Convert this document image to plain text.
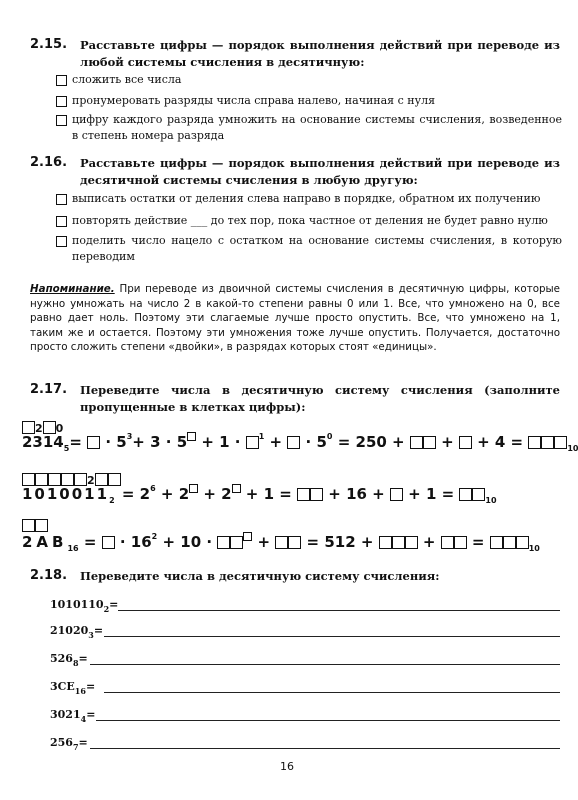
2.15. Расставьте цифры — порядок выполнения действий при переводе из любой системы счисления в десятичную:
сложить все числа
пронумеровать разряды числа справа налево, начиная с нуля
цифру каждого разряда умножить на основание системы счисления, возведенное в степень номера разряда
2.16. Расставьте цифры — порядок выполнения действий при переводе из десятичной системы счисления в любую другую:
выписать остатки от деления слева направо в порядке, обратном их получению
повторять действие ___ до тех пор, пока частное от деления не будет равно нулю
поделить число нацело с остатком на основание системы счисления, в которую переводим
Напоминание. При переводе из двоичной системы счисления в десятичную цифры, которые нужно умножать на число 2 в какой-то степени равны 0 или 1. Все, что умножено на 0, все равно дает ноль. Поэтому эти слагаемые лучше просто опустить. Все, что умножено на 1, таким же и остается. Поэтому эти умножения тоже лучше опустить. Получается, достаточно просто сложить степени «двойки», в разрядах которых стоят «единицы».
2.17. Переведите числа в десятичную систему счисления (заполните пропущенные в клетках цифры):
2 0
$2314_5= \cdot 5^3+ 3 \cdot 5 + 1 \cdot ^1$ +  · $5^0 = 250$ +  +  + 4 =	$_{10}$
2
$1010011_2 = 2^6 + 2 + 2 + 1$ =  + 16 +  + 1 =	$_{10}$
$2AB_{16}$ =  · $16^2 + 10$ ·  +  = 512 +	+  =	$_{10}$
2.18. Переведите числа в десятичную систему счисления:
$1010110_2=$
$21020_3=$
$526_8=$
$3CE_{16}=$
$3021_4=$
$256_7=$
16
